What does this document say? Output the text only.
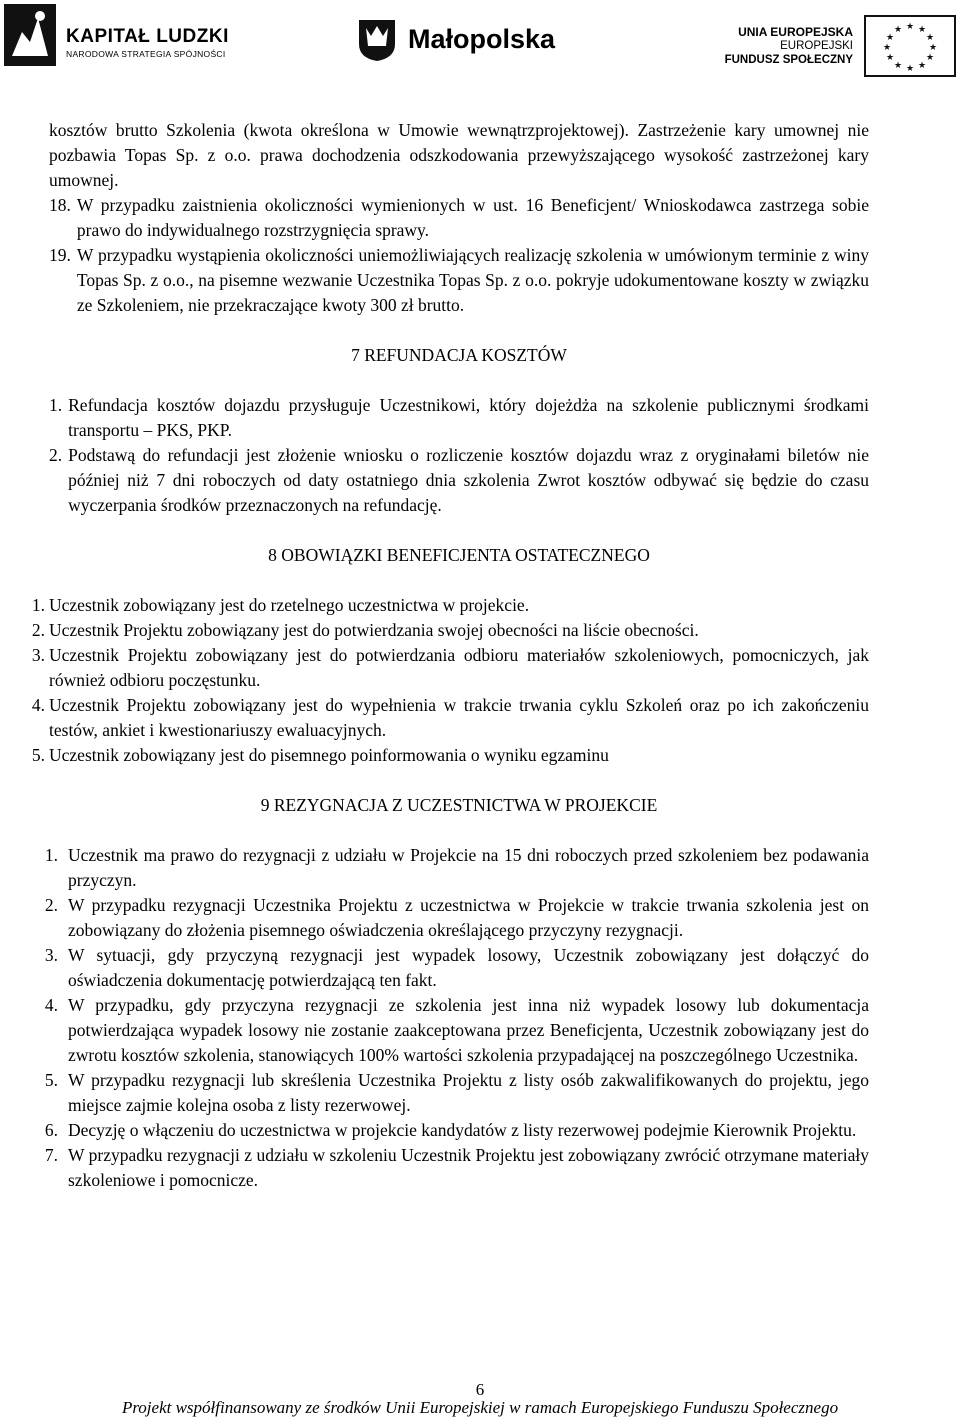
KAPITAŁ LUDZKI
NARODOWA STRATEGIA SPÓJNOŚCI	Małopolska	UNIA EUROPEJSKA
EUROPEJSKI
FUNDUSZ SPOŁECZNY
★ ★
★
★
★
★
★
★
★
★
★
★

kosztów brutto Szkolenia (kwota określona w Umowie wewnątrzprojektowej). Zastrzeżenie kary umownej nie pozbawia Topas Sp. z o.o. prawa dochodzenia odszkodowania przewyższającego wysokość zastrzeżonej kary umownej.

18. W przypadku zaistnienia okoliczności wymienionych w ust. 16 Beneficjent/ Wnioskodawca zastrzega sobie prawo do indywidualnego rozstrzygnięcia sprawy.
19. W przypadku wystąpienia okoliczności uniemożliwiających realizację szkolenia w umówionym terminie z winy Topas Sp. z o.o., na pisemne wezwanie Uczestnika Topas Sp. z o.o. pokryje udokumentowane koszty w związku ze Szkoleniem, nie przekraczające kwoty 300 zł brutto.

7 REFUNDACJA KOSZTÓW

1. Refundacja kosztów dojazdu przysługuje Uczestnikowi, który dojeżdża na szkolenie publicznymi środkami transportu – PKS, PKP.
2. Podstawą do refundacji jest złożenie wniosku o rozliczenie kosztów dojazdu wraz z oryginałami biletów nie później niż 7 dni roboczych od daty ostatniego dnia szkolenia Zwrot kosztów odbywać się będzie do czasu wyczerpania środków przeznaczonych na refundację.

8 OBOWIĄZKI BENEFICJENTA OSTATECZNEGO

1. Uczestnik zobowiązany jest do rzetelnego uczestnictwa w projekcie.
2. Uczestnik Projektu zobowiązany jest do potwierdzania swojej obecności na liście obecności.
3. Uczestnik Projektu zobowiązany jest do potwierdzania odbioru materiałów szkoleniowych, pomocniczych, jak również odbioru poczęstunku.
4. Uczestnik Projektu zobowiązany jest do wypełnienia w trakcie trwania cyklu Szkoleń oraz po ich zakończeniu testów, ankiet i kwestionariuszy ewaluacyjnych.
5. Uczestnik zobowiązany jest do pisemnego poinformowania o wyniku egzaminu

9 REZYGNACJA Z UCZESTNICTWA W PROJEKCIE

1. Uczestnik ma prawo do rezygnacji z udziału w Projekcie na 15 dni roboczych przed szkoleniem bez podawania przyczyn.
2. W przypadku rezygnacji Uczestnika Projektu z uczestnictwa w Projekcie w trakcie trwania szkolenia jest on zobowiązany do złożenia pisemnego oświadczenia określającego przyczyny rezygnacji.
3. W sytuacji, gdy przyczyną rezygnacji jest wypadek losowy, Uczestnik zobowiązany jest dołączyć do oświadczenia dokumentację potwierdzającą ten fakt.
4. W przypadku, gdy przyczyna rezygnacji ze szkolenia jest inna niż wypadek losowy lub dokumentacja potwierdzająca wypadek losowy nie zostanie zaakceptowana przez Beneficjenta, Uczestnik zobowiązany jest do zwrotu kosztów szkolenia, stanowiących 100% wartości szkolenia przypadającej na poszczególnego Uczestnika.
5. W przypadku rezygnacji lub skreślenia Uczestnika Projektu z listy osób zakwalifikowanych do projektu, jego miejsce zajmie kolejna osoba z listy rezerwowej.
6. Decyzję o włączeniu do uczestnictwa w projekcie kandydatów z listy rezerwowej podejmie Kierownik Projektu.
7. W przypadku rezygnacji z udziału w szkoleniu Uczestnik Projektu jest zobowiązany zwrócić otrzymane materiały szkoleniowe i pomocnicze.
6
Projekt współfinansowany ze środków Unii Europejskiej w ramach Europejskiego Funduszu Społecznego
